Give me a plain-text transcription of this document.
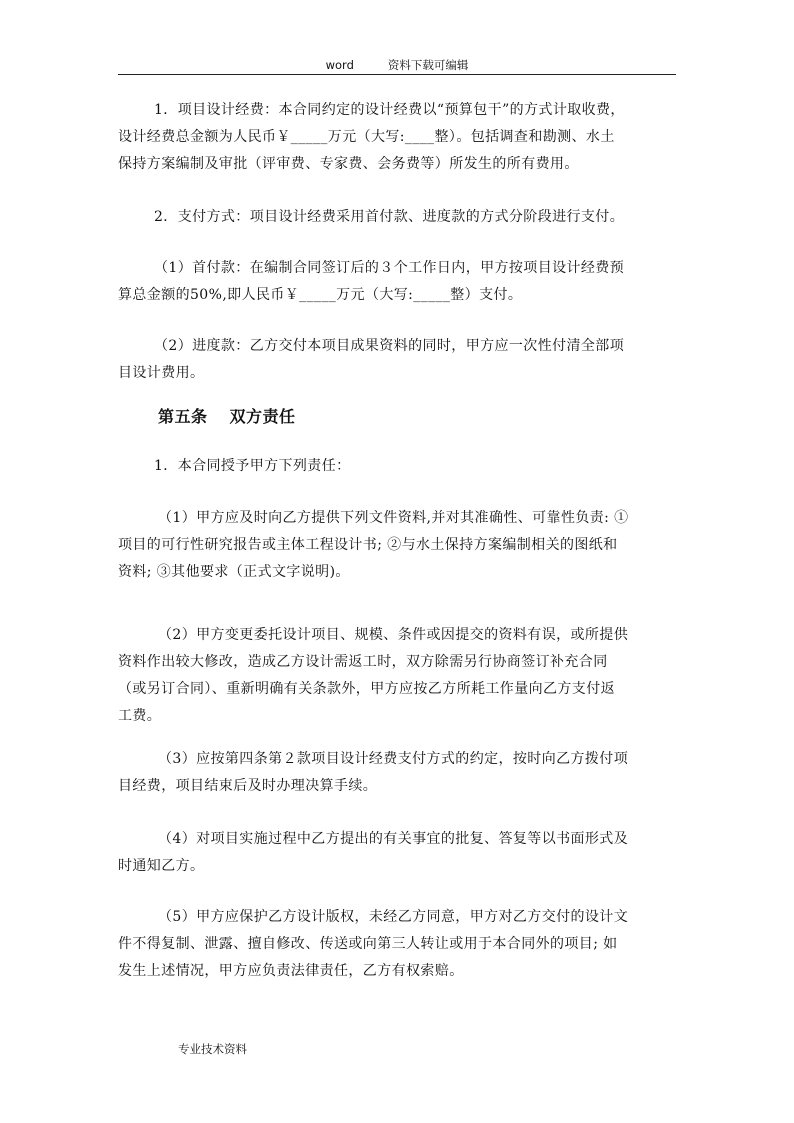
word	资料下载可编辑
1．项目设计经费：本合同约定的设计经费以“预算包干”的方式计取收费，
设计经费总金额为人民币￥_____万元（大写:____整）。包括调查和勘测、水土
保持方案编制及审批（评审费、专家费、会务费等）所发生的所有费用。
2．支付方式：项目设计经费采用首付款、进度款的方式分阶段进行支付。
（1）首付款：在编制合同签订后的３个工作日内，甲方按项目设计经费预
算总金额的50%,即人民币￥_____万元（大写:_____整）支付。
（2）进度款：乙方交付本项目成果资料的同时，甲方应一次性付清全部项
目设计费用。
第五条 双方责任
1．本合同授予甲方下列责任：
（1）甲方应及时向乙方提供下列文件资料,并对其准确性、可靠性负责: ①
项目的可行性研究报告或主体工程设计书; ②与水土保持方案编制相关的图纸和
资料; ③其他要求（正式文字说明)。
（2）甲方变更委托设计项目、规模、条件或因提交的资料有误，或所提供
资料作出较大修改，造成乙方设计需返工时，双方除需另行协商签订补充合同
（或另订合同）、重新明确有关条款外，甲方应按乙方所耗工作量向乙方支付返
工费。
（3）应按第四条第２款项目设计经费支付方式的约定，按时向乙方拨付项
目经费，项目结束后及时办理决算手续。
（4）对项目实施过程中乙方提出的有关事宜的批复、答复等以书面形式及
时通知乙方。
（5）甲方应保护乙方设计版权，未经乙方同意，甲方对乙方交付的设计文
件不得复制、泄露、擅自修改、传送或向第三人转让或用于本合同外的项目; 如
发生上述情况，甲方应负责法律责任，乙方有权索赔。
专业技术资料
